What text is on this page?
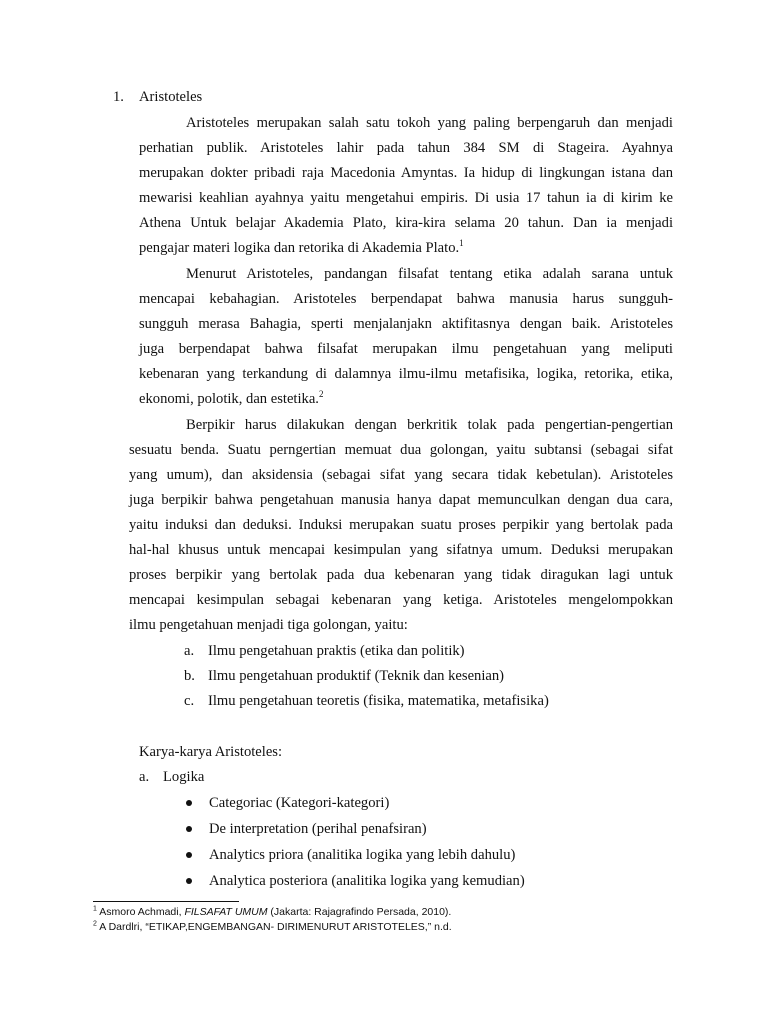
1. Aristoteles
Aristoteles merupakan salah satu tokoh yang paling berpengaruh dan menjadi
perhatian publik. Aristoteles lahir pada tahun 384 SM di Stageira. Ayahnya
merupakan dokter pribadi raja Macedonia Amyntas. Ia hidup di lingkungan istana dan
mewarisi keahlian ayahnya yaitu mengetahui empiris. Di usia 17 tahun ia di kirim ke
Athena Untuk belajar Akademia Plato, kira-kira selama 20 tahun. Dan ia menjadi
pengajar materi logika dan retorika di Akademia Plato.$^1$
Menurut Aristoteles, pandangan filsafat tentang etika adalah sarana untuk
mencapai kebahagian. Aristoteles berpendapat bahwa manusia harus sungguh-
sungguh merasa Bahagia, sperti menjalanjakn aktifitasnya dengan baik. Aristoteles
juga berpendapat bahwa filsafat merupakan ilmu pengetahuan yang meliputi
kebenaran yang terkandung di dalamnya ilmu-ilmu metafisika, logika, retorika, etika,
ekonomi, polotik, dan estetika.$^2$
Berpikir harus dilakukan dengan berkritik tolak pada pengertian-pengertian
sesuatu benda. Suatu perngertian memuat dua golongan, yaitu subtansi (sebagai sifat
yang umum), dan aksidensia (sebagai sifat yang secara tidak kebetulan). Aristoteles
juga berpikir bahwa pengetahuan manusia hanya dapat memunculkan dengan dua cara,
yaitu induksi dan deduksi. Induksi merupakan suatu proses perpikir yang bertolak pada
hal-hal khusus untuk mencapai kesimpulan yang sifatnya umum. Deduksi merupakan
proses berpikir yang bertolak pada dua kebenaran yang tidak diragukan lagi untuk
mencapai kesimpulan sebagai kebenaran yang ketiga. Aristoteles mengelompokkan
ilmu pengetahuan menjadi tiga golongan, yaitu:
a. Ilmu pengetahuan praktis (etika dan politik)
b. Ilmu pengetahuan produktif (Teknik dan kesenian)
c. Ilmu pengetahuan teoretis (fisika, matematika, metafisika)
Karya-karya Aristoteles:
a. Logika
Categoriac (Kategori-kategori)
De interpretation (perihal penafsiran)
Analytics priora (analitika logika yang lebih dahulu)
Analytica posteriora (analitika logika yang kemudian)
$^1$ Asmoro Achmadi, FILSAFAT UMUM (Jakarta: Rajagrafindo Persada, 2010).
$^2$ A Dardlri, “ETIKAP,ENGEMBANGAN- DIRIMENURUT ARISTOTELES,” n.d.
